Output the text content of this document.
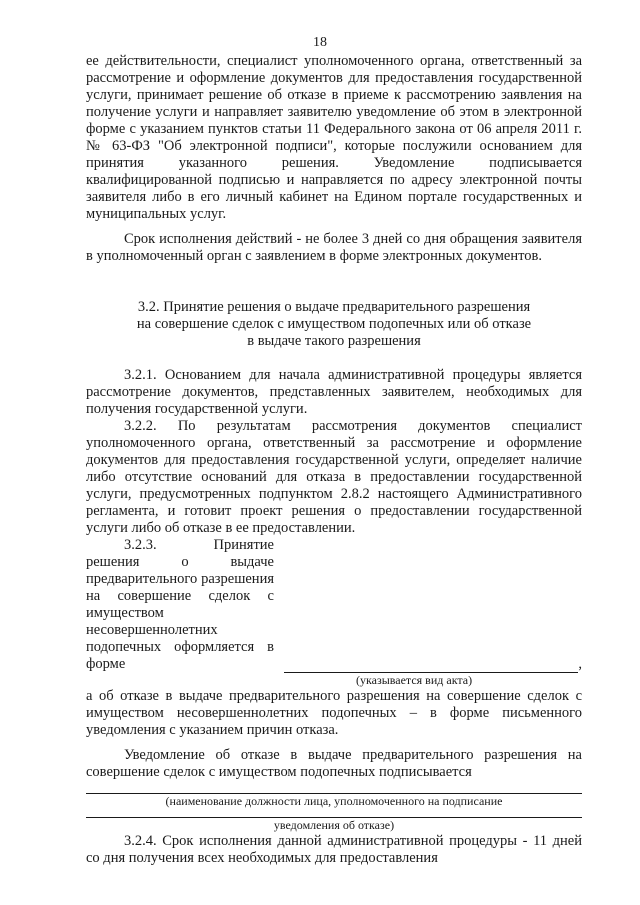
18

ее действительности, специалист уполномоченного органа, ответственный за рассмотрение и оформление документов для предоставления государственной услуги, принимает решение об отказе в приеме к рассмотрению заявления на получение услуги и направляет заявителю уведомление об этом в электронной форме с указанием пунктов статьи 11 Федерального закона от 06 апреля 2011 г. № 63-ФЗ "Об электронной подписи", которые послужили основанием для принятия указанного решения. Уведомление подписывается квалифицированной подписью и направляется по адресу электронной почты заявителя либо в его личный кабинет на Едином портале государственных и муниципальных услуг.

Срок исполнения действий - не более 3 дней со дня обращения заявителя в уполномоченный орган с заявлением в форме электронных документов.

3.2. Принятие решения о выдаче предварительного разрешения
на совершение сделок с имуществом подопечных или об отказе
в выдаче такого разрешения

3.2.1. Основанием для начала административной процедуры является рассмотрение документов, представленных заявителем, необходимых для получения государственной услуги.

3.2.2. По результатам рассмотрения документов специалист уполномоченного органа, ответственный за рассмотрение и оформление документов для предоставления государственной услуги, определяет наличие либо отсутствие оснований для отказа в предоставлении государственной услуги, предусмотренных подпунктом 2.8.2 настоящего Административного регламента, и готовит проект решения о предоставлении государственной услуги либо об отказе в ее предоставлении.

3.2.3. Принятие решения о выдаче предварительного разрешения на совершение сделок с имуществом несовершеннолетних подопечных оформляется в форме	,
(указывается вид акта)

а об отказе в выдаче предварительного разрешения на совершение сделок с имуществом несовершеннолетних подопечных – в форме письменного уведомления с указанием причин отказа.

Уведомление об отказе в выдаче предварительного разрешения на совершение сделок с имуществом подопечных подписывается

(наименование должности лица, уполномоченного на подписание
уведомления об отказе)

3.2.4. Срок исполнения данной административной процедуры - 11 дней со дня получения всех необходимых для предоставления
